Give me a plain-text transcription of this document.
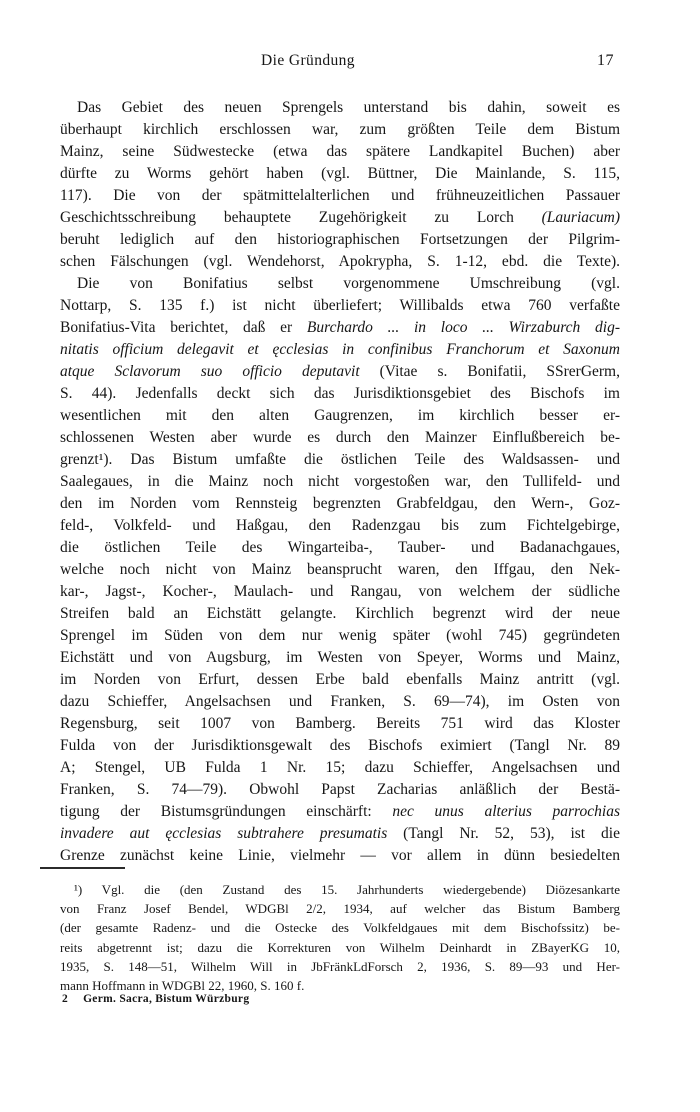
Die Gründung	17
Das Gebiet des neuen Sprengels unterstand bis dahin, soweit es
überhaupt kirchlich erschlossen war, zum größten Teile dem Bistum
Mainz, seine Südwestecke (etwa das spätere Landkapitel Buchen) aber
dürfte zu Worms gehört haben (vgl. Büttner, Die Mainlande, S. 115,
117). Die von der spätmittelalterlichen und frühneuzeitlichen Passauer
Geschichtsschreibung behauptete Zugehörigkeit zu Lorch (Lauriacum)
beruht lediglich auf den historiographischen Fortsetzungen der Pilgrim-
schen Fälschungen (vgl. Wendehorst, Apokrypha, S. 1-12, ebd. die Texte).
Die von Bonifatius selbst vorgenommene Umschreibung (vgl.
Nottarp, S. 135 f.) ist nicht überliefert; Willibalds etwa 760 verfaßte
Bonifatius-Vita berichtet, daß er Burchardo ... in loco ... Wirzaburch dig-
nitatis officium delegavit et ęcclesias in confinibus Franchorum et Saxonum
atque Sclavorum suo officio deputavit (Vitae s. Bonifatii, SSrerGerm,
S. 44). Jedenfalls deckt sich das Jurisdiktionsgebiet des Bischofs im
wesentlichen mit den alten Gaugrenzen, im kirchlich besser er-
schlossenen Westen aber wurde es durch den Mainzer Einflußbereich be-
grenzt¹). Das Bistum umfaßte die östlichen Teile des Waldsassen- und
Saalegaues, in die Mainz noch nicht vorgestoßen war, den Tullifeld- und
den im Norden vom Rennsteig begrenzten Grabfeldgau, den Wern-, Goz-
feld-, Volkfeld- und Haßgau, den Radenzgau bis zum Fichtelgebirge,
die östlichen Teile des Wingarteiba-, Tauber- und Badanachgaues,
welche noch nicht von Mainz beansprucht waren, den Iffgau, den Nek-
kar-, Jagst-, Kocher-, Maulach- und Rangau, von welchem der südliche
Streifen bald an Eichstätt gelangte. Kirchlich begrenzt wird der neue
Sprengel im Süden von dem nur wenig später (wohl 745) gegründeten
Eichstätt und von Augsburg, im Westen von Speyer, Worms und Mainz,
im Norden von Erfurt, dessen Erbe bald ebenfalls Mainz antritt (vgl.
dazu Schieffer, Angelsachsen und Franken, S. 69—74), im Osten von
Regensburg, seit 1007 von Bamberg. Bereits 751 wird das Kloster
Fulda von der Jurisdiktionsgewalt des Bischofs eximiert (Tangl Nr. 89
A; Stengel, UB Fulda 1 Nr. 15; dazu Schieffer, Angelsachsen und
Franken, S. 74—79). Obwohl Papst Zacharias anläßlich der Bestä-
tigung der Bistumsgründungen einschärft: nec unus alterius parrochias
invadere aut ęcclesias subtrahere presumatis (Tangl Nr. 52, 53), ist die
Grenze zunächst keine Linie, vielmehr — vor allem in dünn besiedelten
¹) Vgl. die (den Zustand des 15. Jahrhunderts wiedergebende) Diözesankarte
von Franz Josef Bendel, WDGBl 2/2, 1934, auf welcher das Bistum Bamberg
(der gesamte Radenz- und die Ostecke des Volkfeldgaues mit dem Bischofssitz) be-
reits abgetrennt ist; dazu die Korrekturen von Wilhelm Deinhardt in ZBayerKG 10,
1935, S. 148—51, Wilhelm Will in JbFränkLdForsch 2, 1936, S. 89—93 und Her-
mann Hoffmann in WDGBl 22, 1960, S. 160 f.
2 Germ. Sacra, Bistum Würzburg
